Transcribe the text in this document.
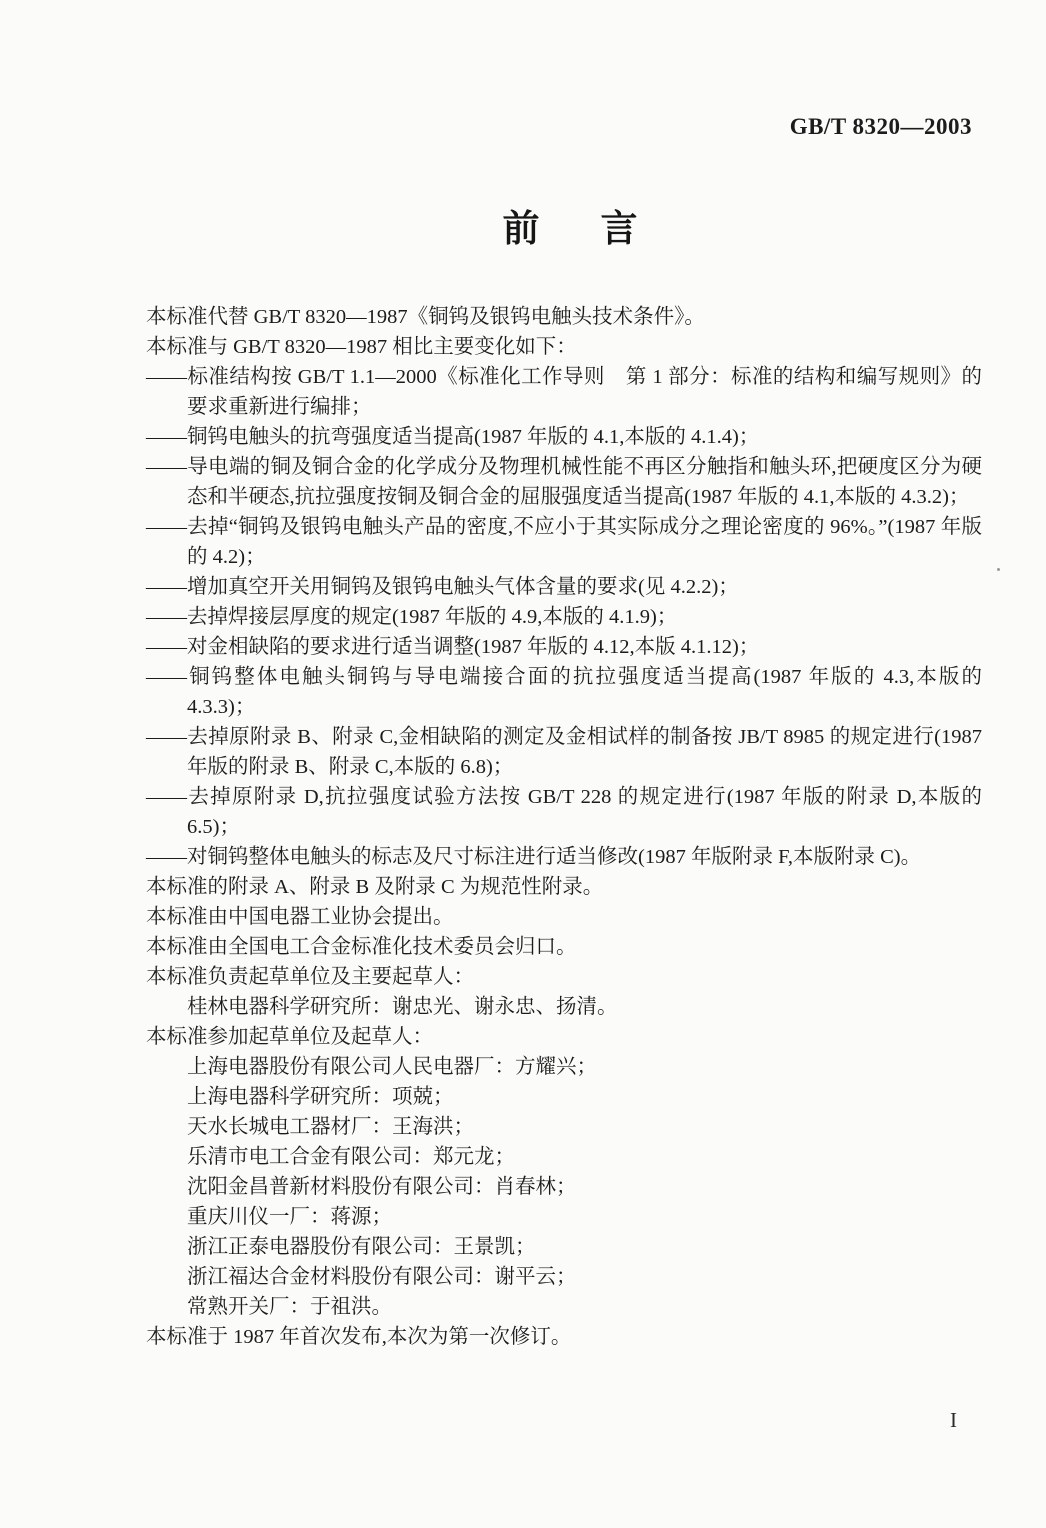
GB/T 8320—2003
前　言
本标准代替 GB/T 8320—1987《铜钨及银钨电触头技术条件》。
本标准与 GB/T 8320—1987 相比主要变化如下：
——标准结构按 GB/T 1.1—2000《标准化工作导则　第 1 部分：标准的结构和编写规则》的要求重新进行编排；
——铜钨电触头的抗弯强度适当提高(1987 年版的 4.1,本版的 4.1.4)；
——导电端的铜及铜合金的化学成分及物理机械性能不再区分触指和触头环,把硬度区分为硬态和半硬态,抗拉强度按铜及铜合金的屈服强度适当提高(1987 年版的 4.1,本版的 4.3.2)；
——去掉“铜钨及银钨电触头产品的密度,不应小于其实际成分之理论密度的 96%。”(1987 年版的 4.2)；
——增加真空开关用铜钨及银钨电触头气体含量的要求(见 4.2.2)；
——去掉焊接层厚度的规定(1987 年版的 4.9,本版的 4.1.9)；
——对金相缺陷的要求进行适当调整(1987 年版的 4.12,本版 4.1.12)；
——铜钨整体电触头铜钨与导电端接合面的抗拉强度适当提高(1987 年版的 4.3,本版的 4.3.3)；
——去掉原附录 B、附录 C,金相缺陷的测定及金相试样的制备按 JB/T 8985 的规定进行(1987 年版的附录 B、附录 C,本版的 6.8)；
——去掉原附录 D,抗拉强度试验方法按 GB/T 228 的规定进行(1987 年版的附录 D,本版的6.5)；
——对铜钨整体电触头的标志及尺寸标注进行适当修改(1987 年版附录 F,本版附录 C)。
本标准的附录 A、附录 B 及附录 C 为规范性附录。
本标准由中国电器工业协会提出。
本标准由全国电工合金标准化技术委员会归口。
本标准负责起草单位及主要起草人：
桂林电器科学研究所：谢忠光、谢永忠、扬清。
本标准参加起草单位及起草人：
上海电器股份有限公司人民电器厂：方耀兴；
上海电器科学研究所：项兢；
天水长城电工器材厂：王海洪；
乐清市电工合金有限公司：郑元龙；
沈阳金昌普新材料股份有限公司：肖春林；
重庆川仪一厂：蒋源；
浙江正泰电器股份有限公司：王景凯；
浙江福达合金材料股份有限公司：谢平云；
常熟开关厂：于祖洪。
本标准于 1987 年首次发布,本次为第一次修订。
I
